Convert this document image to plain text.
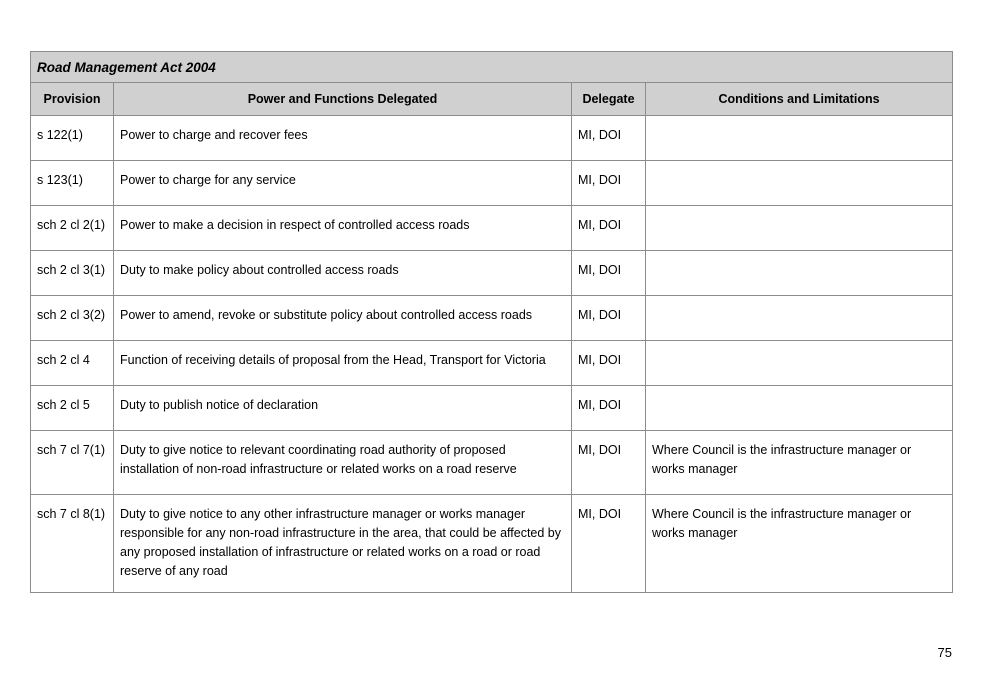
Road Management Act 2004			
Provision	Power and Functions Delegated	Delegate	Conditions and Limitations
s 122(1)	Power to charge and recover fees	MI, DOI	
s 123(1)	Power to charge for any service	MI, DOI	
sch 2 cl 2(1)	Power to make a decision in respect of controlled access roads	MI, DOI	
sch 2 cl 3(1)	Duty to make policy about controlled access roads	MI, DOI	
sch 2 cl 3(2)	Power to amend, revoke or substitute policy about controlled access roads	MI, DOI	
sch 2 cl 4	Function of receiving details of proposal from the Head, Transport for Victoria	MI, DOI	
sch 2 cl 5	Duty to publish notice of declaration	MI, DOI	
sch 7 cl 7(1)	Duty to give notice to relevant coordinating road authority of proposed installation of non-road infrastructure or related works on a road reserve	MI, DOI	Where Council is the infrastructure manager or works manager
sch 7 cl 8(1)	Duty to give notice to any other infrastructure manager or works manager responsible for any non-road infrastructure in the area, that could be affected by any proposed installation of infrastructure or related works on a road or road reserve of any road	MI, DOI	Where Council is the infrastructure manager or works manager
75
